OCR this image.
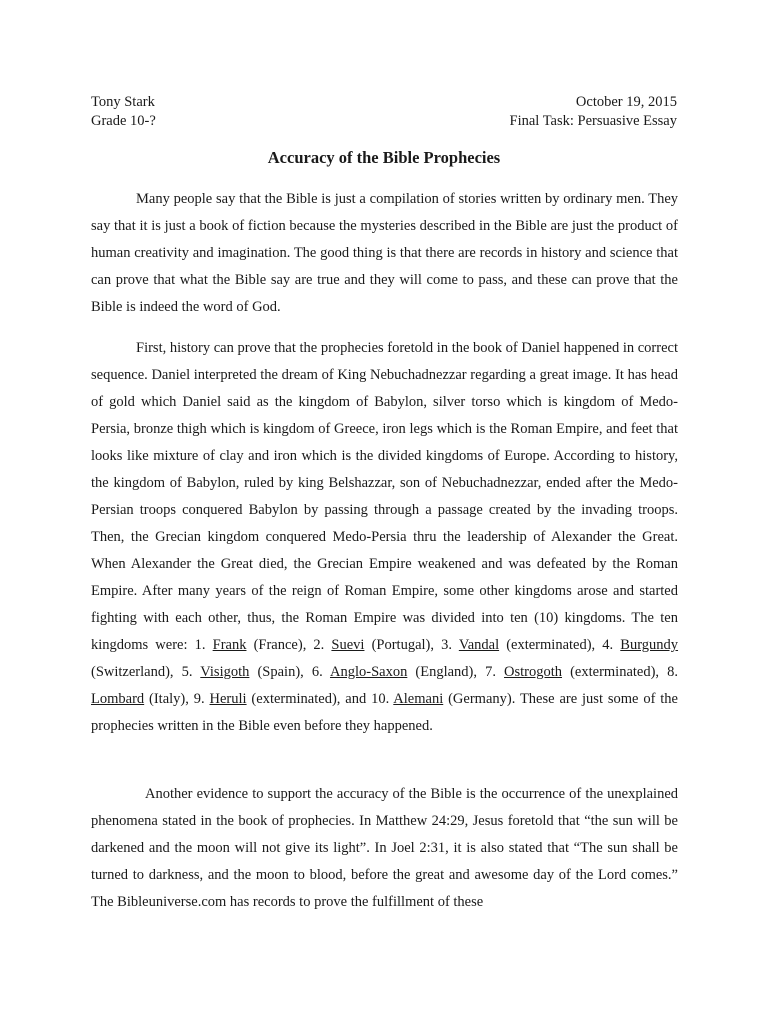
Tony Stark
Grade 10-?
October 19, 2015
Final Task: Persuasive Essay
Accuracy of the Bible Prophecies

Many people say that the Bible is just a compilation of stories written by ordinary men. They say that it is just a book of fiction because the mysteries described in the Bible are just the product of human creativity and imagination. The good thing is that there are records in history and science that can prove that what the Bible say are true and they will come to pass, and these can prove that the Bible is indeed the word of God.

First, history can prove that the prophecies foretold in the book of Daniel happened in correct sequence. Daniel interpreted the dream of King Nebuchadnezzar regarding a great image. It has head of gold which Daniel said as the kingdom of Babylon, silver torso which is kingdom of Medo-Persia, bronze thigh which is kingdom of Greece, iron legs which is the Roman Empire, and feet that looks like mixture of clay and iron which is the divided kingdoms of Europe. According to history, the kingdom of Babylon, ruled by king Belshazzar, son of Nebuchadnezzar, ended after the Medo-Persian troops conquered Babylon by passing through a passage created by the invading troops. Then, the Grecian kingdom conquered Medo-Persia thru the leadership of Alexander the Great. When Alexander the Great died, the Grecian Empire weakened and was defeated by the Roman Empire. After many years of the reign of Roman Empire, some other kingdoms arose and started fighting with each other, thus, the Roman Empire was divided into ten (10) kingdoms. The ten kingdoms were: 1. Frank (France), 2. Suevi (Portugal), 3. Vandal (exterminated), 4. Burgundy (Switzerland), 5. Visigoth (Spain), 6. Anglo-Saxon (England), 7. Ostrogoth (exterminated), 8. Lombard (Italy), 9. Heruli (exterminated), and 10. Alemani (Germany). These are just some of the prophecies written in the Bible even before they happened.

Another evidence to support the accuracy of the Bible is the occurrence of the unexplained phenomena stated in the book of prophecies. In Matthew 24:29, Jesus foretold that “the sun will be darkened and the moon will not give its light”. In Joel 2:31, it is also stated that “The sun shall be turned to darkness, and the moon to blood, before the great and awesome day of the Lord comes.” The Bibleuniverse.com has records to prove the fulfillment of these
